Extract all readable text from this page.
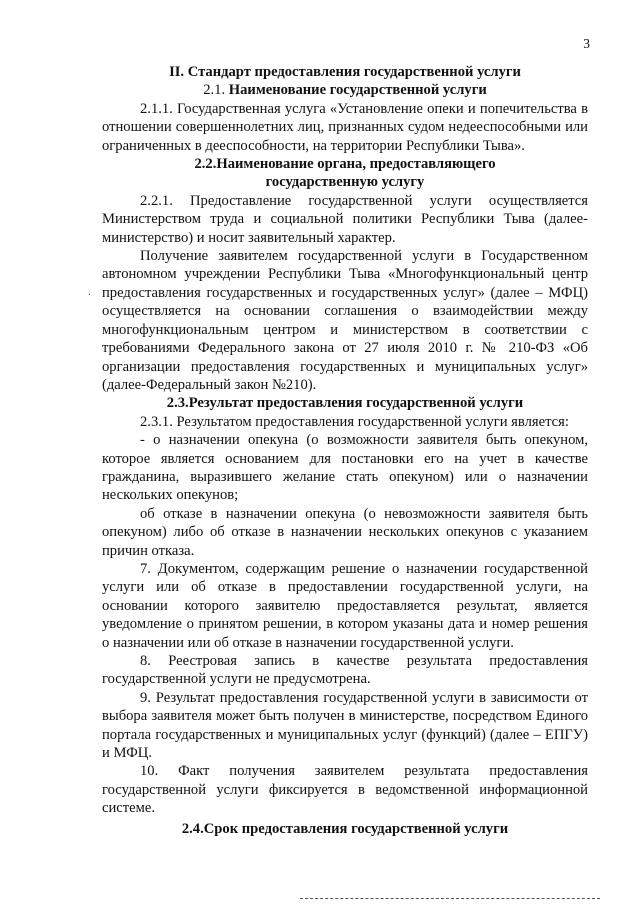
3
.

II. Стандарт предоставления государственной услуги

2.1. Наименование государственной услуги

2.1.1. Государственная услуга «Установление опеки и попечительства в отношении совершеннолетних лиц, признанных судом недееспособными или ограниченных в дееспособности, на территории Республики Тыва».

2.2.Наименование органа, предоставляющего государственную услугу

2.2.1. Предоставление государственной услуги осуществляется Министерством труда и социальной политики Республики Тыва (далее-министерство) и носит заявительный характер.

Получение заявителем государственной услуги в Государственном автономном учреждении Республики Тыва «Многофункциональный центр предоставления государственных и государственных услуг» (далее – МФЦ) осуществляется на основании соглашения о взаимодействии между многофункциональным центром и министерством в соответствии с требованиями Федерального закона от 27 июля 2010 г. № 210-ФЗ «Об организации предоставления государственных и муниципальных услуг» (далее-Федеральный закон №210).

2.3.Результат предоставления государственной услуги

2.3.1. Результатом предоставления государственной услуги является:

- о назначении опекуна (о возможности заявителя быть опекуном, которое является основанием для постановки его на учет в качестве гражданина, выразившего желание стать опекуном) или о назначении нескольких опекунов;

об отказе в назначении опекуна (о невозможности заявителя быть опекуном) либо об отказе в назначении нескольких опекунов с указанием причин отказа.

7. Документом, содержащим решение о назначении государственной услуги или об отказе в предоставлении государственной услуги, на основании которого заявителю предоставляется результат, является уведомление о принятом решении, в котором указаны дата и номер решения о назначении или об отказе в назначении государственной услуги.

8. Реестровая запись в качестве результата предоставления государственной услуги не предусмотрена.

9. Результат предоставления государственной услуги в зависимости от выбора заявителя может быть получен в министерстве, посредством Единого портала государственных и муниципальных услуг (функций) (далее – ЕПГУ) и МФЦ.

10. Факт получения заявителем результата предоставления государственной услуги фиксируется в ведомственной информационной системе.

2.4.Срок предоставления государственной услуги
